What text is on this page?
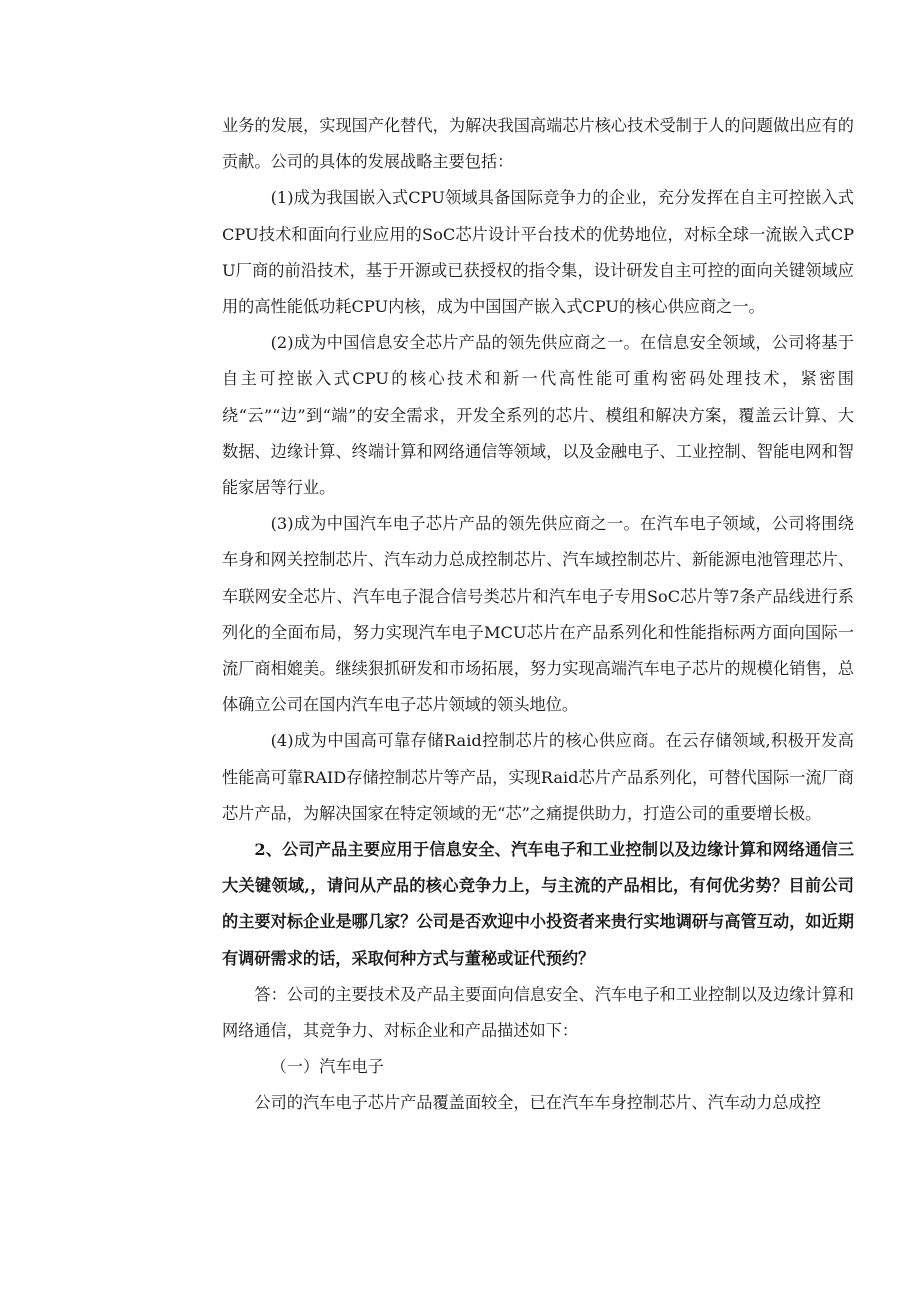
业务的发展，实现国产化替代，为解决我国高端芯片核心技术受制于人的问题做出应有的贡献。公司的具体的发展战略主要包括：

(1)成为我国嵌入式CPU领域具备国际竞争力的企业，充分发挥在自主可控嵌入式CPU技术和面向行业应用的SoC芯片设计平台技术的优势地位，对标全球一流嵌入式CPU厂商的前沿技术，基于开源或已获授权的指令集，设计研发自主可控的面向关键领域应用的高性能低功耗CPU内核，成为中国国产嵌入式CPU的核心供应商之一。

(2)成为中国信息安全芯片产品的领先供应商之一。在信息安全领域，公司将基于自主可控嵌入式CPU的核心技术和新一代高性能可重构密码处理技术，紧密围绕“云”“边”到“端”的安全需求，开发全系列的芯片、模组和解决方案，覆盖云计算、大数据、边缘计算、终端计算和网络通信等领域，以及金融电子、工业控制、智能电网和智能家居等行业。

(3)成为中国汽车电子芯片产品的领先供应商之一。在汽车电子领域，公司将围绕车身和网关控制芯片、汽车动力总成控制芯片、汽车域控制芯片、新能源电池管理芯片、车联网安全芯片、汽车电子混合信号类芯片和汽车电子专用SoC芯片等7条产品线进行系列化的全面布局，努力实现汽车电子MCU芯片在产品系列化和性能指标两方面向国际一流厂商相媲美。继续狠抓研发和市场拓展，努力实现高端汽车电子芯片的规模化销售，总体确立公司在国内汽车电子芯片领域的领头地位。

(4)成为中国高可靠存储Raid控制芯片的核心供应商。在云存储领域,积极开发高性能高可靠RAID存储控制芯片等产品，实现Raid芯片产品系列化，可替代国际一流厂商芯片产品，为解决国家在特定领域的无“芯”之痛提供助力，打造公司的重要增长极。

2、公司产品主要应用于信息安全、汽车电子和工业控制以及边缘计算和网络通信三大关键领域,，请问从产品的核心竞争力上，与主流的产品相比，有何优劣势？目前公司的主要对标企业是哪几家？公司是否欢迎中小投资者来贵行实地调研与高管互动，如近期有调研需求的话，采取何种方式与董秘或证代预约？

答：公司的主要技术及产品主要面向信息安全、汽车电子和工业控制以及边缘计算和网络通信，其竞争力、对标企业和产品描述如下：

（一）汽车电子

公司的汽车电子芯片产品覆盖面较全，已在汽车车身控制芯片、汽车动力总成控
